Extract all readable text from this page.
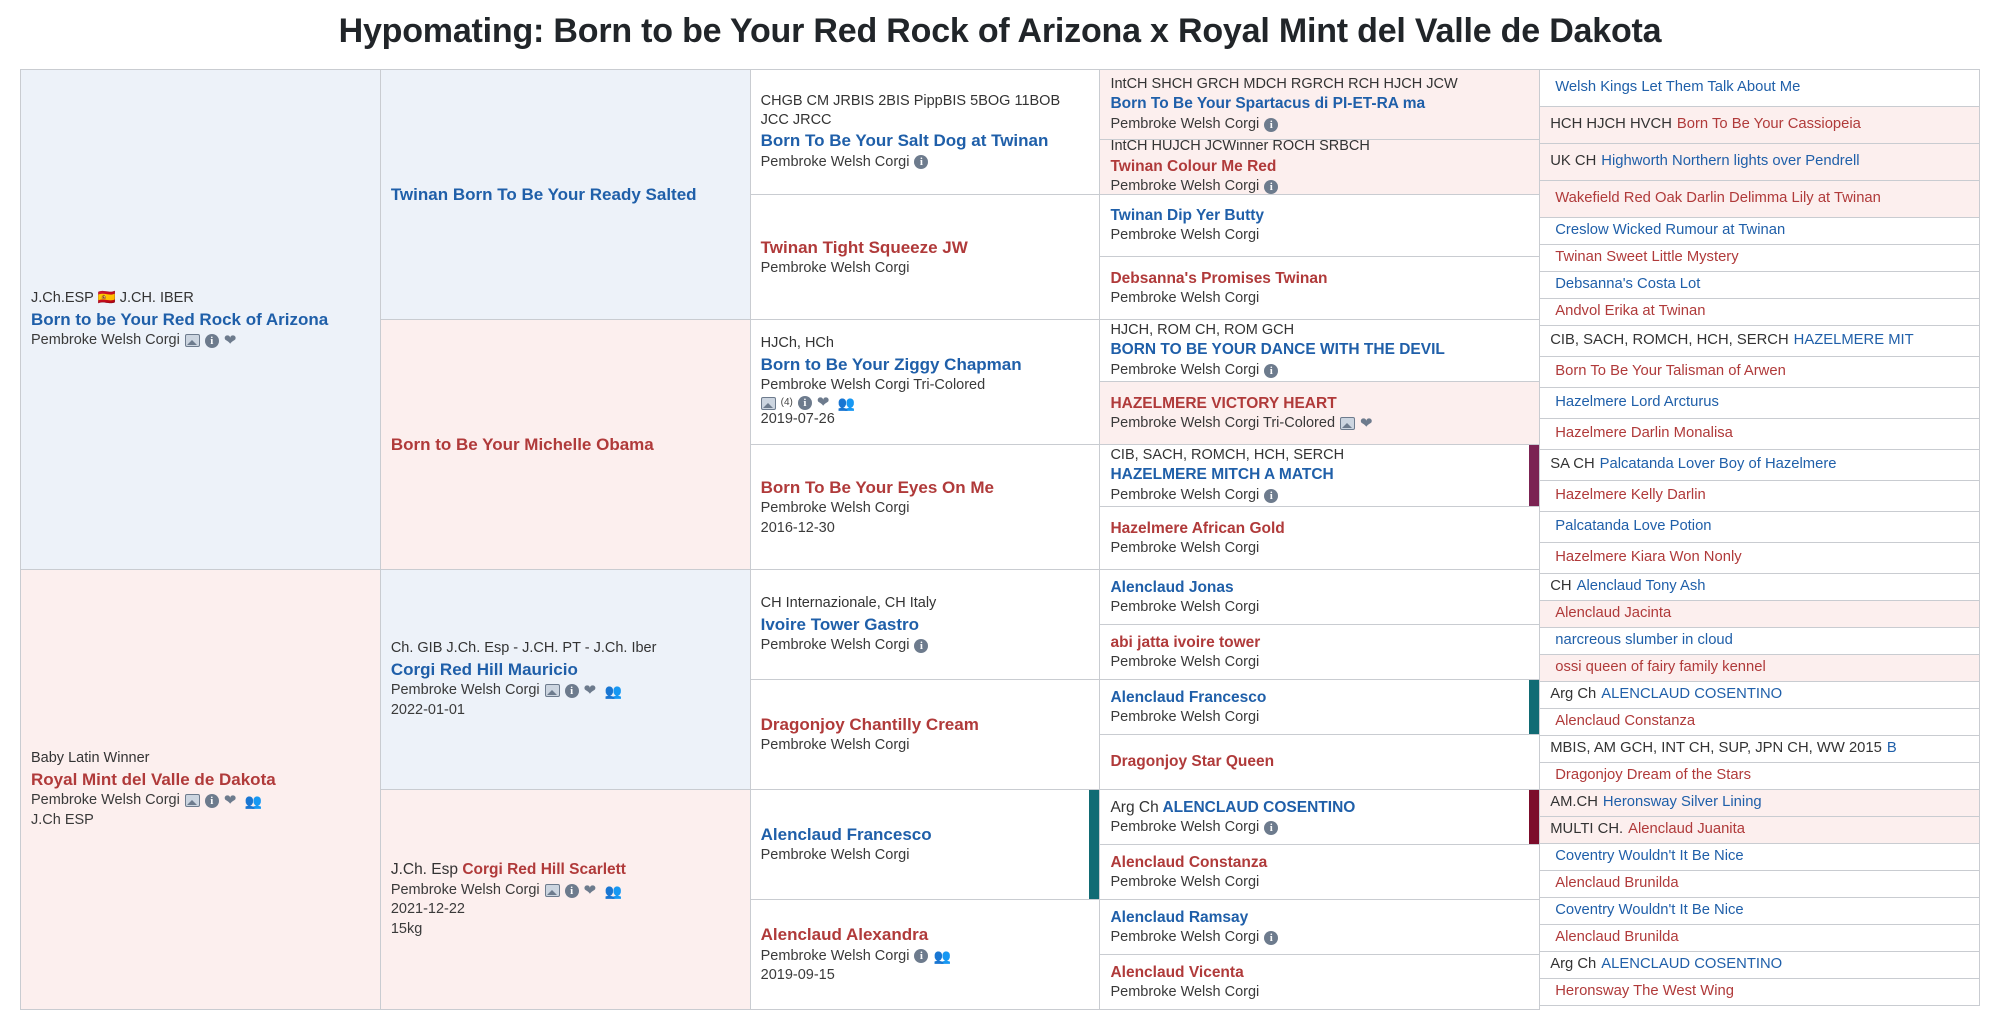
Hypomating: Born to be Your Red Rock of Arizona x Royal Mint del Valle de Dakota
J.Ch.ESP 🇪🇸 J.CH. IBER
Born to be Your Red Rock of Arizona
Pembroke Welsh Corgi
i
❤
Baby Latin Winner
Royal Mint del Valle de Dakota
Pembroke Welsh Corgi
i
❤
👥
J.Ch ESP
Twinan Born To Be Your Ready Salted
Born to Be Your Michelle Obama
Ch. GIB J.Ch. Esp - J.CH. PT - J.Ch. Iber
Corgi Red Hill Mauricio
Pembroke Welsh Corgi
i
❤
👥
2022-01-01
J.Ch. Esp Corgi Red Hill Scarlett
Pembroke Welsh Corgi
i
❤
👥
2021-12-22
15kg
CHGB CM JRBIS 2BIS PippBIS 5BOG 11BOB JCC JRCC
Born To Be Your Salt Dog at Twinan
Pembroke Welsh Corgi
i
Twinan Tight Squeeze JW
Pembroke Welsh Corgi
HJCh, HCh
Born to Be Your Ziggy Chapman
Pembroke Welsh Corgi Tri-Colored
(4)
i
❤
👥
2019-07-26
Born To Be Your Eyes On Me
Pembroke Welsh Corgi
2016-12-30
CH Internazionale, CH Italy
Ivoire Tower Gastro
Pembroke Welsh Corgi
i
Dragonjoy Chantilly Cream
Pembroke Welsh Corgi
Alenclaud Francesco
Pembroke Welsh Corgi
Alenclaud Alexandra
Pembroke Welsh Corgi
i
👥
2019-09-15
IntCH SHCH GRCH MDCH RGRCH RCH HJCH JCW
Born To Be Your Spartacus di PI-ET-RA ma
Pembroke Welsh Corgi
i
IntCH HUJCH JCWinner ROCH SRBCH
Twinan Colour Me Red
Pembroke Welsh Corgi
i
Twinan Dip Yer Butty
Pembroke Welsh Corgi
Debsanna's Promises Twinan
Pembroke Welsh Corgi
HJCH, ROM CH, ROM GCH
BORN TO BE YOUR DANCE WITH THE DEVIL
Pembroke Welsh Corgi
i
HAZELMERE VICTORY HEART
Pembroke Welsh Corgi Tri-Colored
❤
CIB, SACH, ROMCH, HCH, SERCH
HAZELMERE MITCH A MATCH
Pembroke Welsh Corgi
i
Hazelmere African Gold
Pembroke Welsh Corgi
Alenclaud Jonas
Pembroke Welsh Corgi
abi jatta ivoire tower
Pembroke Welsh Corgi
Alenclaud Francesco
Pembroke Welsh Corgi
Dragonjoy Star Queen
Arg Ch ALENCLAUD COSENTINO
Pembroke Welsh Corgi
i
Alenclaud Constanza
Pembroke Welsh Corgi
Alenclaud Ramsay
Pembroke Welsh Corgi
i
Alenclaud Vicenta
Pembroke Welsh Corgi
Welsh Kings Let Them Talk About Me
HCH HJCH HVCH Born To Be Your Cassiopeia
UK CH Highworth Northern lights over Pendrell
Wakefield Red Oak Darlin Delimma Lily at Twinan
Creslow Wicked Rumour at Twinan
Twinan Sweet Little Mystery
Debsanna's Costa Lot
Andvol Erika at Twinan
CIB, SACH, ROMCH, HCH, SERCH HAZELMERE MIT
Born To Be Your Talisman of Arwen
Hazelmere Lord Arcturus
Hazelmere Darlin Monalisa
SA CH Palcatanda Lover Boy of Hazelmere
Hazelmere Kelly Darlin
Palcatanda Love Potion
Hazelmere Kiara Won Nonly
CH Alenclaud Tony Ash
Alenclaud Jacinta
narcreous slumber in cloud
ossi queen of fairy family kennel
Arg Ch ALENCLAUD COSENTINO
Alenclaud Constanza
MBIS, AM GCH, INT CH, SUP, JPN CH, WW 2015 B
Dragonjoy Dream of the Stars
AM.CH Heronsway Silver Lining
MULTI CH. Alenclaud Juanita
Coventry Wouldn't It Be Nice
Alenclaud Brunilda
Coventry Wouldn't It Be Nice
Alenclaud Brunilda
Arg Ch ALENCLAUD COSENTINO
Heronsway The West Wing
